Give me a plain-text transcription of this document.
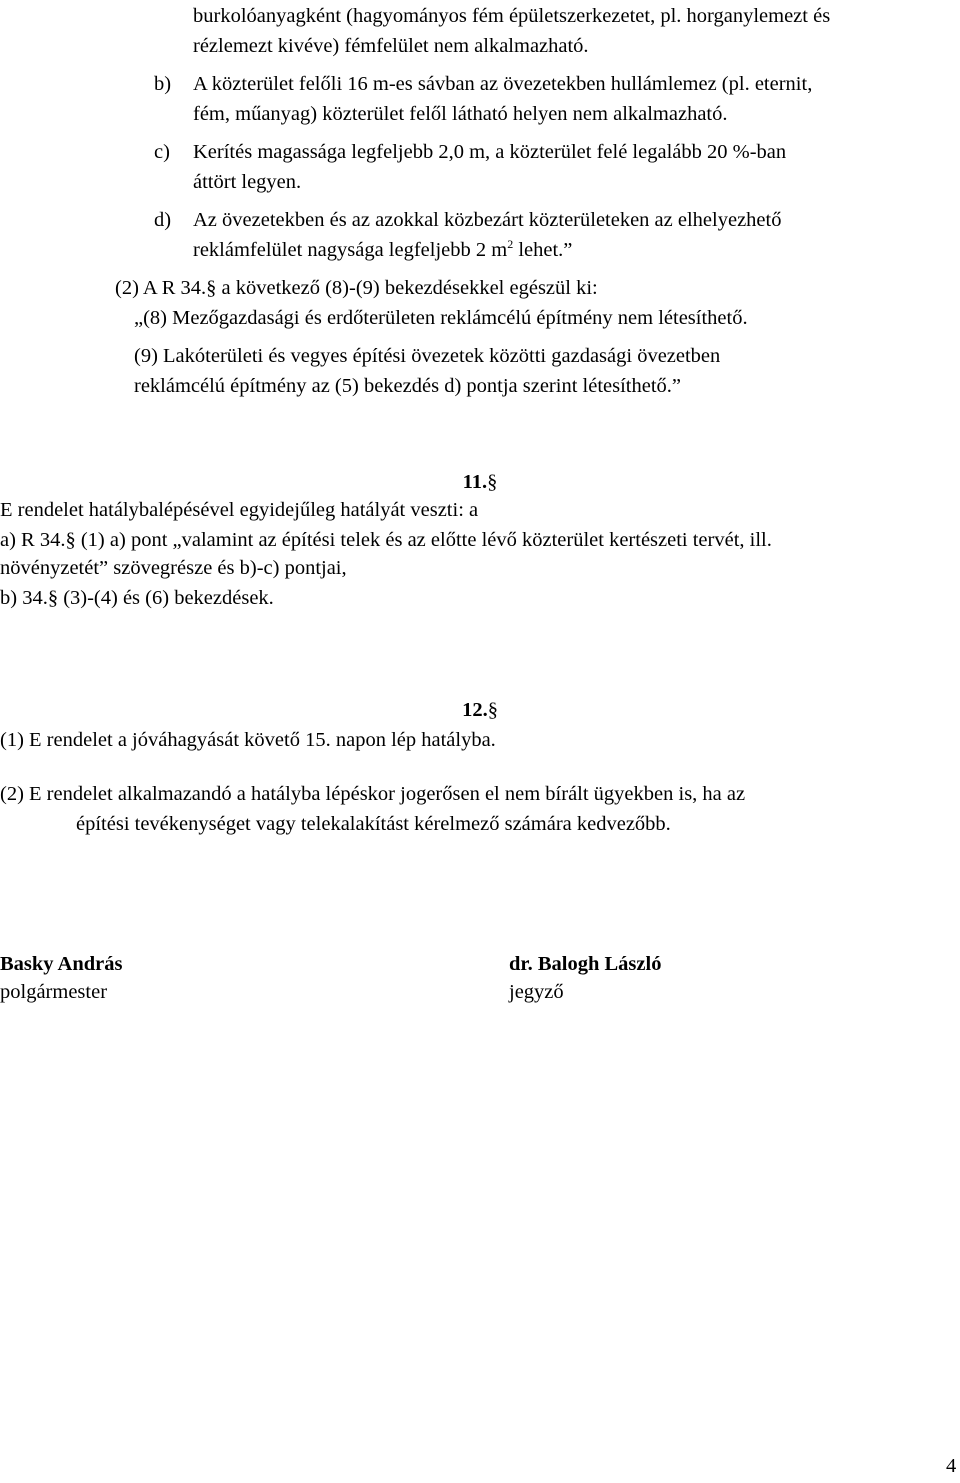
burkolóanyagként (hagyományos fém épületszerkezetet, pl. horganylemezt és
rézlemezt kivéve) fémfelület nem alkalmazható.
b) A közterület felőli 16 m-es sávban az övezetekben hullámlemez (pl. eternit,
fém, műanyag) közterület felől látható helyen nem alkalmazható.
c) Kerítés magassága legfeljebb 2,0 m, a közterület felé legalább 20 %-ban
áttört legyen.
d) Az övezetekben és az azokkal közbezárt közterületeken az elhelyezhető
reklámfelület nagysága legfeljebb 2 $m^2$ lehet.”
(2) A R 34.§ a következő (8)-(9) bekezdésekkel egészül ki:
„(8) Mezőgazdasági és erdőterületen reklámcélú építmény nem létesíthető.
(9) Lakóterületi és vegyes építési övezetek közötti gazdasági övezetben
reklámcélú építmény az (5) bekezdés d) pontja szerint létesíthető.”
11.§
E rendelet hatálybalépésével egyidejűleg hatályát veszti: a
a) R 34.§ (1) a) pont „valamint az építési telek és az előtte lévő közterület kertészeti tervét, ill.
növényzetét” szövegrésze és b)-c) pontjai,
b) 34.§ (3)-(4) és (6) bekezdések.
12.§
(1) E rendelet a jóváhagyását követő 15. napon lép hatályba.
(2) E rendelet alkalmazandó a hatályba lépéskor jogerősen el nem bírált ügyekben is, ha az
építési tevékenységet vagy telekalakítást kérelmező számára kedvezőbb.
Basky András
polgármester
dr. Balogh László
jegyző
4
